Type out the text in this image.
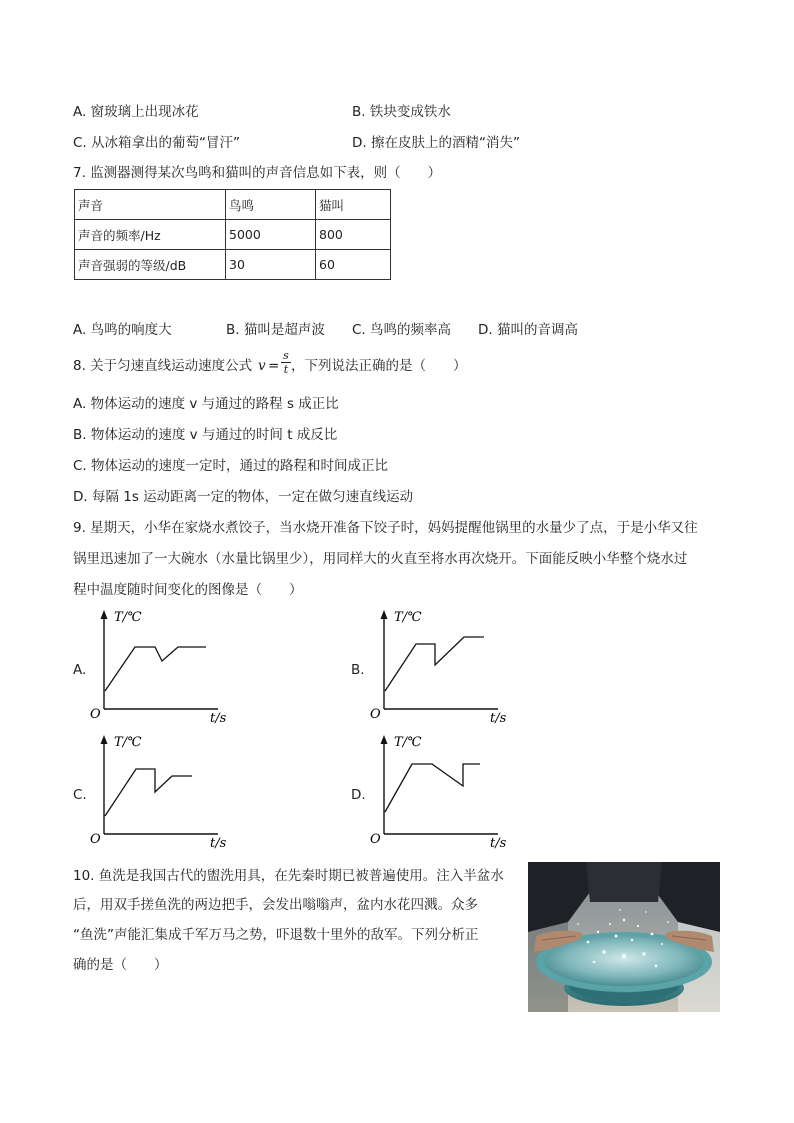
A. 窗玻璃上出现冰花	B. 铁块变成铁水
C. 从冰箱拿出的葡萄“冒汗”	D. 擦在皮肤上的酒精“消失”
7. 监测器测得某次鸟鸣和猫叫的声音信息如下表，则（　　）
声音	鸟鸣	猫叫
声音的频率/Hz	5000	800
声音强弱的等级/dB	30	60
A. 鸟鸣的响度大	B. 猫叫是超声波 C. 鸟鸣的频率高 D. 猫叫的音调高
8. 关于匀速直线运动速度公式 v =
s
t ，下列说法正确的是（　　）
A. 物体运动的速度 v 与通过的路程 s 成正比
B. 物体运动的速度 v 与通过的时间 t 成反比
C. 物体运动的速度一定时，通过的路程和时间成正比
D. 每隔 1s 运动距离一定的物体，一定在做匀速直线运动
9. 星期天，小华在家烧水煮饺子，当水烧开准备下饺子时，妈妈提醒他锅里的水量少了点，于是小华又往
锅里迅速加了一大碗水（水量比锅里少），用同样大的火直至将水再次烧开。下面能反映小华整个烧水过
程中温度随时间变化的图像是（　　）
A.
T/℃
O	t/s
B.
T/℃
O	t/s
C.
T/℃
O	t/s
D.
T/℃
O	t/s
10. 鱼洗是我国古代的盥洗用具，在先秦时期已被普遍使用。注入半盆水
后，用双手搓鱼洗的两边把手，会发出嗡嗡声，盆内水花四溅。众多
“鱼洗”声能汇集成千军万马之势，吓退数十里外的敌军。下列分析正
确的是（　　）
